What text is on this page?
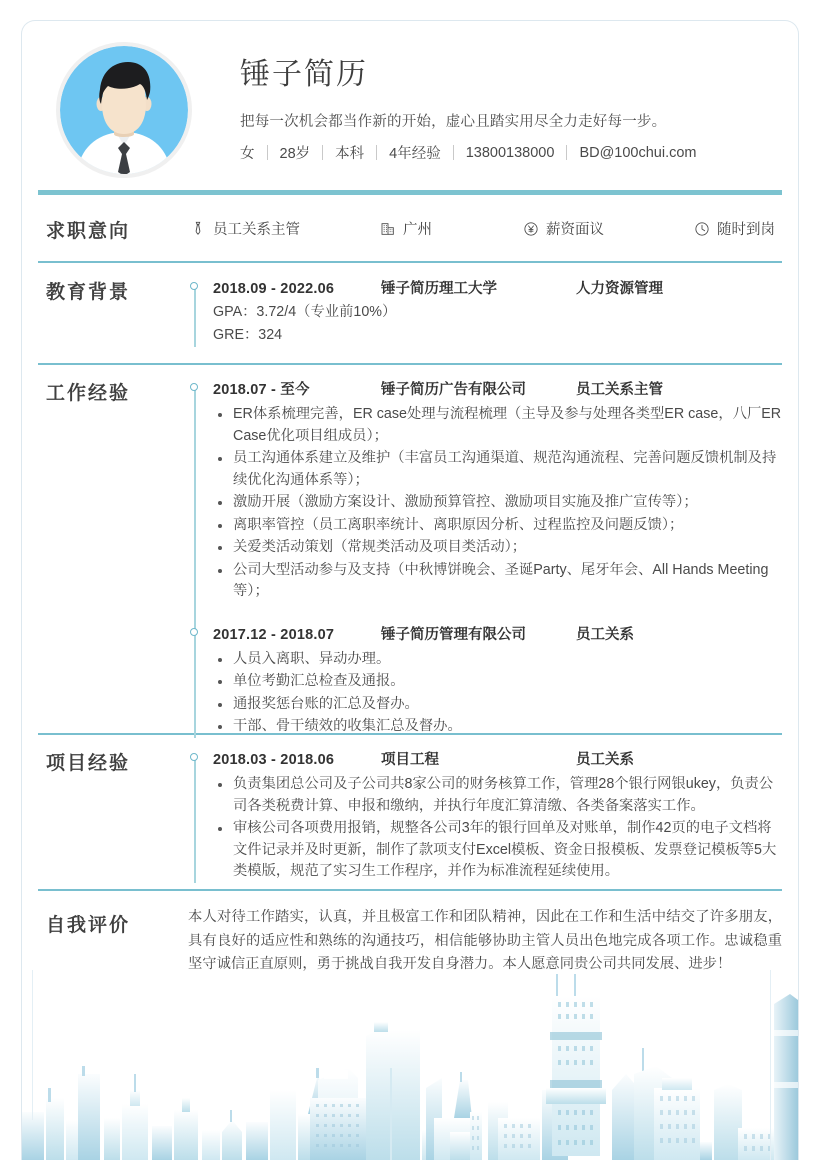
锤子简历
把每一次机会都当作新的开始，虚心且踏实用尽全力走好每一步。
女 28岁 本科 4年经验 13800138000 BD@100chui.com
求职意向	员工关系主管	广州	薪资面议	随时到岗
教育背景	2018.09 - 2022.06	锤子简历理工大学	人力资源管理
GPA：3.72/4（专业前10%）
GRE：324
工作经验	2018.07 - 至今	锤子简历广告有限公司	员工关系主管
ER体系梳理完善，ER case处理与流程梳理（主导及参与处理各类型ER case，八厂ER Case优化项目组成员）；
员工沟通体系建立及维护（丰富员工沟通渠道、规范沟通流程、完善问题反馈机制及持续优化沟通体系等）；
激励开展（激励方案设计、激励预算管控、激励项目实施及推广宣传等）；
离职率管控（员工离职率统计、离职原因分析、过程监控及问题反馈）；
关爱类活动策划（常规类活动及项目类活动）；
公司大型活动参与及支持（中秋博饼晚会、圣诞Party、尾牙年会、All Hands Meeting等）；
2017.12 - 2018.07	锤子简历管理有限公司	员工关系
人员入离职、异动办理。
单位考勤汇总检查及通报。
通报奖惩台账的汇总及督办。
干部、骨干绩效的收集汇总及督办。
项目经验	2018.03 - 2018.06	项目工程	员工关系
负责集团总公司及子公司共8家公司的财务核算工作，管理28个银行网银ukey，负责公司各类税费计算、申报和缴纳，并执行年度汇算清缴、各类备案落实工作。
审核公司各项费用报销，规整各公司3年的银行回单及对账单，制作42页的电子文档将文件记录并及时更新，制作了款项支付Excel模板、资金日报模板、发票登记模板等5大类模版，规范了实习生工作程序，并作为标准流程延续使用。
自我评价	本人对待工作踏实，认真，并且极富工作和团队精神，因此在工作和生活中结交了许多朋友，具有良好的适应性和熟练的沟通技巧，相信能够协助主管人员出色地完成各项工作。忠诚稳重坚守诚信正直原则，勇于挑战自我开发自身潜力。本人愿意同贵公司共同发展、进步！
